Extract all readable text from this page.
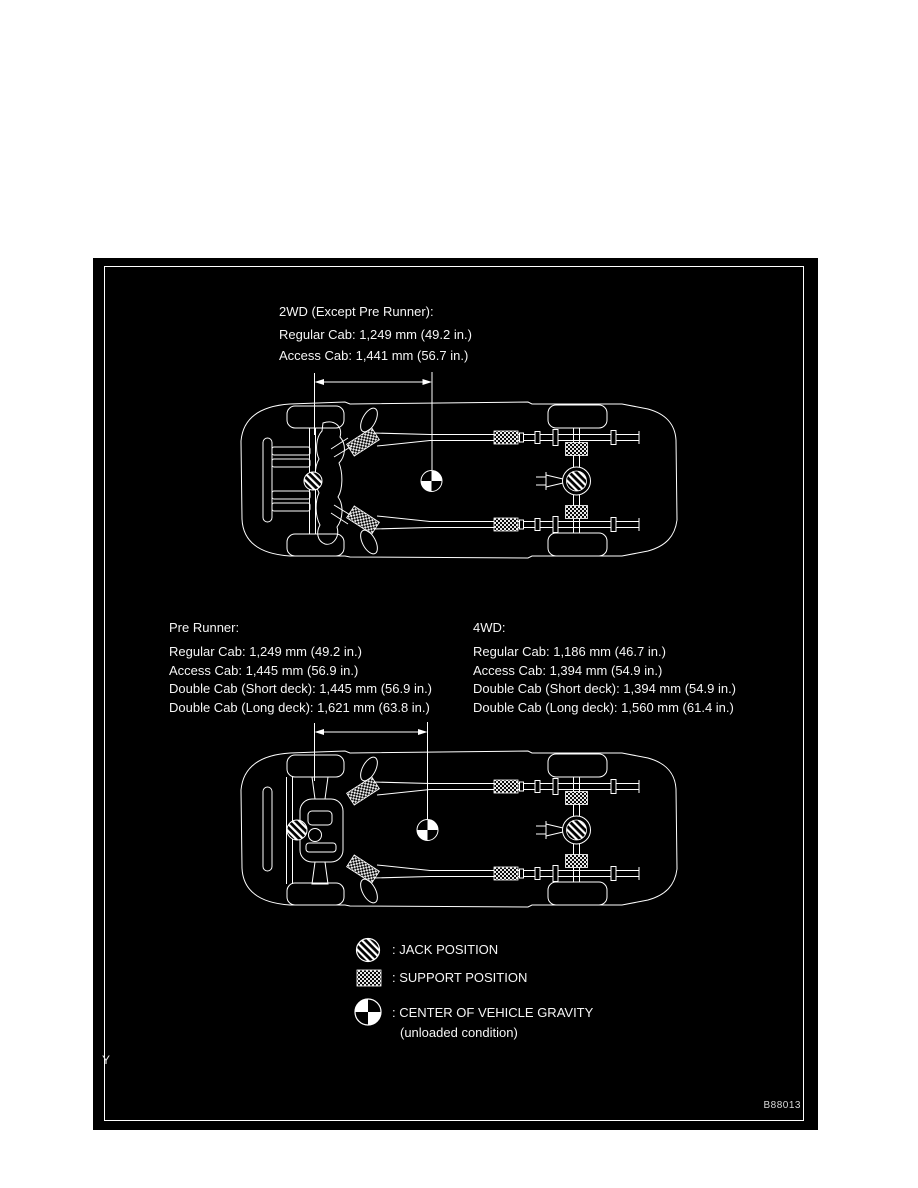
2WD (Except Pre Runner):

Regular Cab: 1,249 mm (49.2 in.)

Access Cab: 1,441 mm (56.7 in.)

Pre Runner:

Regular Cab: 1,249 mm (49.2 in.)

Access Cab: 1,445 mm (56.9 in.)

Double Cab (Short deck): 1,445 mm (56.9 in.)

Double Cab (Long deck): 1,621 mm (63.8 in.)

4WD:

Regular Cab: 1,186 mm (46.7 in.)

Access Cab: 1,394 mm (54.9 in.)

Double Cab (Short deck): 1,394 mm (54.9 in.)

Double Cab (Long deck): 1,560 mm (61.4 in.)

: JACK POSITION
: SUPPORT POSITION
: CENTER OF VEHICLE GRAVITY
(unloaded condition)
Y
B88013
